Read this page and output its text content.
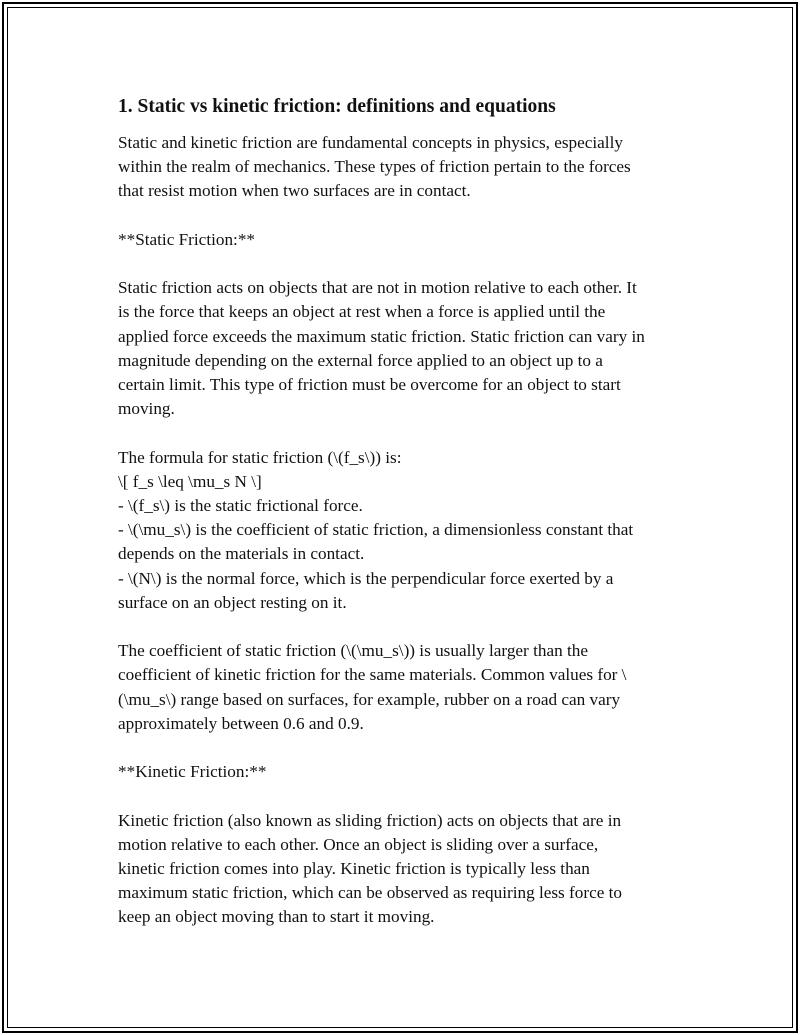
1. Static vs kinetic friction: definitions and equations
Static and kinetic friction are fundamental concepts in physics, especially
within the realm of mechanics. These types of friction pertain to the forces
that resist motion when two surfaces are in contact.
**Static Friction:**
Static friction acts on objects that are not in motion relative to each other. It
is the force that keeps an object at rest when a force is applied until the
applied force exceeds the maximum static friction. Static friction can vary in
magnitude depending on the external force applied to an object up to a
certain limit. This type of friction must be overcome for an object to start
moving.
The formula for static friction (\(f_s\)) is:
\[ f_s \leq \mu_s N \]
- \(f_s\) is the static frictional force.
- \(\mu_s\) is the coefficient of static friction, a dimensionless constant that
depends on the materials in contact.
- \(N\) is the normal force, which is the perpendicular force exerted by a
surface on an object resting on it.
The coefficient of static friction (\(\mu_s\)) is usually larger than the
coefficient of kinetic friction for the same materials. Common values for \
(\mu_s\) range based on surfaces, for example, rubber on a road can vary
approximately between 0.6 and 0.9.
**Kinetic Friction:**
Kinetic friction (also known as sliding friction) acts on objects that are in
motion relative to each other. Once an object is sliding over a surface,
kinetic friction comes into play. Kinetic friction is typically less than
maximum static friction, which can be observed as requiring less force to
keep an object moving than to start it moving.
